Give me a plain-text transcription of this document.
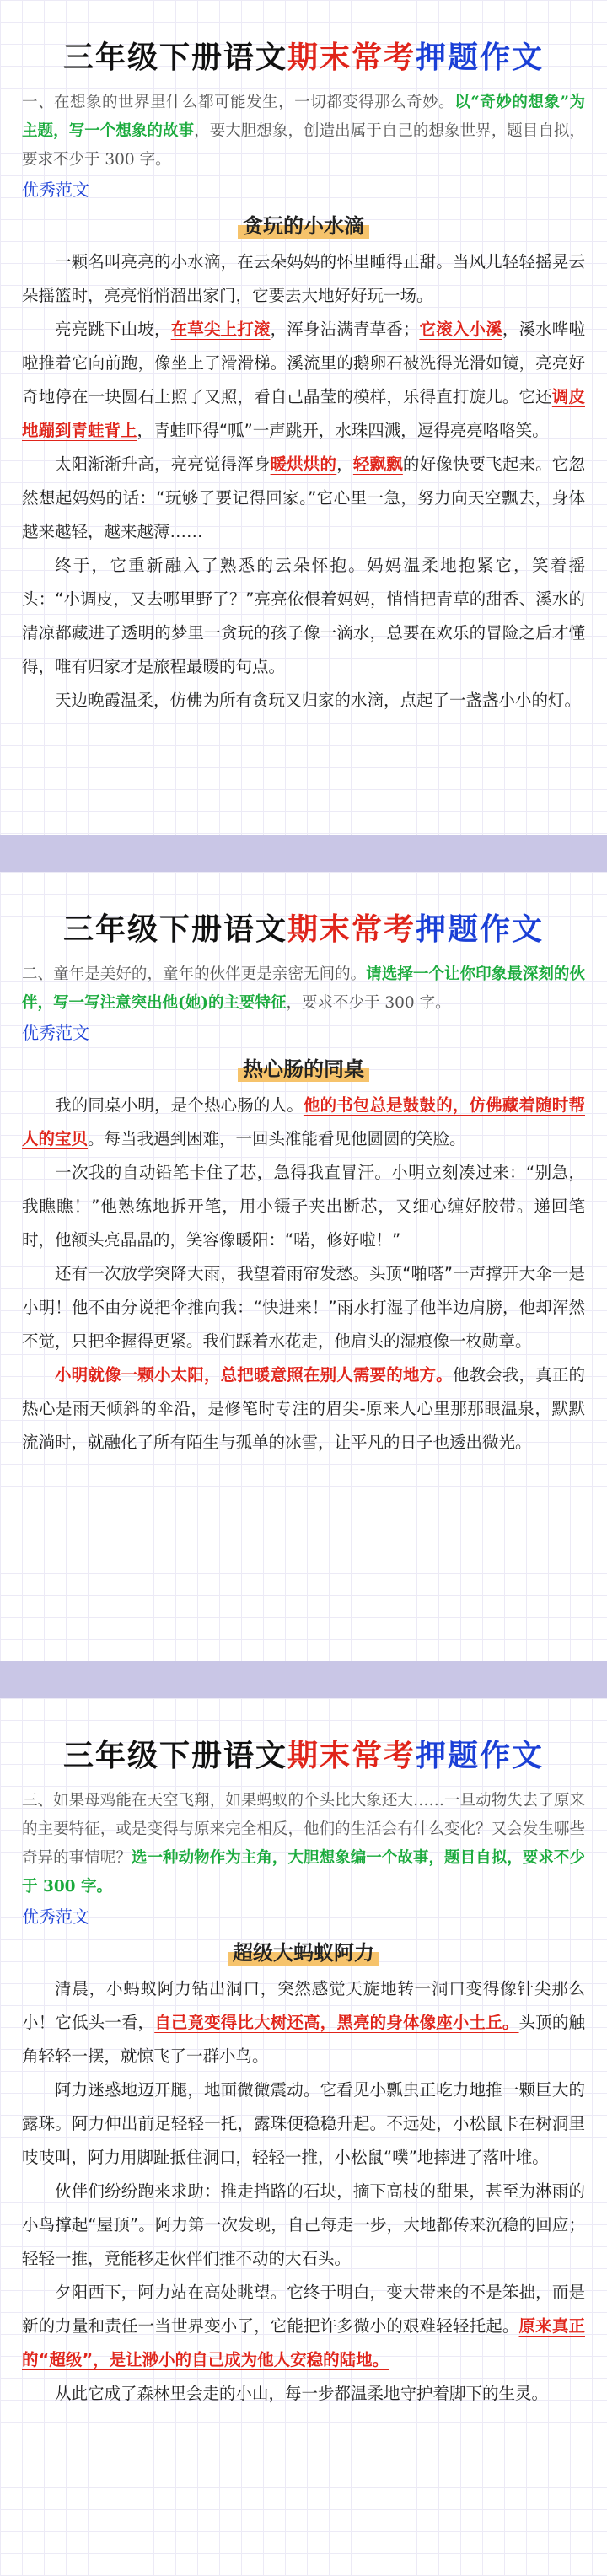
三年级下册语文期末常考押题作文

一、在想象的世界里什么都可能发生，一切都变得那么奇妙。以“奇妙的想象”为主题，写一个想象的故事，要大胆想象，创造出属于自己的想象世界，题目自拟，要求不少于 300 字。

优秀范文
贪玩的小水滴

一颗名叫亮亮的小水滴，在云朵妈妈的怀里睡得正甜。当风儿轻轻摇晃云朵摇篮时，亮亮悄悄溜出家门，它要去大地好好玩一场。

亮亮跳下山坡，在草尖上打滚，浑身沾满青草香；它滚入小溪，溪水哗啦啦推着它向前跑，像坐上了滑滑梯。溪流里的鹅卵石被洗得光滑如镜，亮亮好奇地停在一块圆石上照了又照，看自己晶莹的模样，乐得直打旋儿。它还调皮地蹦到青蛙背上，青蛙吓得“呱”一声跳开，水珠四溅，逗得亮亮咯咯笑。

太阳渐渐升高，亮亮觉得浑身暖烘烘的，轻飘飘的好像快要飞起来。它忽然想起妈妈的话：“玩够了要记得回家。”它心里一急，努力向天空飘去，身体越来越轻，越来越薄……

终于，它重新融入了熟悉的云朵怀抱。妈妈温柔地抱紧它，笑着摇头：“小调皮，又去哪里野了？”亮亮依偎着妈妈，悄悄把青草的甜香、溪水的清凉都藏进了透明的梦里一贪玩的孩子像一滴水，总要在欢乐的冒险之后才懂得，唯有归家才是旅程最暖的句点。

天边晚霞温柔，仿佛为所有贪玩又归家的水滴，点起了一盏盏小小的灯。

三年级下册语文期末常考押题作文

二、童年是美好的，童年的伙伴更是亲密无间的。请选择一个让你印象最深刻的伙伴，写一写注意突出他(她)的主要特征，要求不少于 300 字。

优秀范文
热心肠的同桌

我的同桌小明，是个热心肠的人。他的书包总是鼓鼓的，仿佛藏着随时帮人的宝贝。每当我遇到困难，一回头准能看见他圆圆的笑脸。

一次我的自动铅笔卡住了芯，急得我直冒汗。小明立刻凑过来：“别急，我瞧瞧！”他熟练地拆开笔，用小镊子夹出断芯，又细心缠好胶带。递回笔时，他额头亮晶晶的，笑容像暖阳：“喏，修好啦！”

还有一次放学突降大雨，我望着雨帘发愁。头顶“啪嗒”一声撑开大伞一是小明！他不由分说把伞推向我：“快进来！”雨水打湿了他半边肩膀，他却浑然不觉，只把伞握得更紧。我们踩着水花走，他肩头的湿痕像一枚勋章。

小明就像一颗小太阳，总把暖意照在别人需要的地方。他教会我，真正的热心是雨天倾斜的伞沿，是修笔时专注的眉尖-原来人心里那那眼温泉，默默流淌时，就融化了所有陌生与孤单的冰雪，让平凡的日子也透出微光。

三年级下册语文期末常考押题作文

三、如果母鸡能在天空飞翔，如果蚂蚁的个头比大象还大……一旦动物失去了原来的主要特征，或是变得与原来完全相反，他们的生活会有什么变化？又会发生哪些奇异的事情呢？选一种动物作为主角，大胆想象编一个故事，题目自拟，要求不少于 300 字。

优秀范文
超级大蚂蚁阿力

清晨，小蚂蚁阿力钻出洞口，突然感觉天旋地转一洞口变得像针尖那么小！它低头一看，自己竟变得比大树还高，黑亮的身体像座小土丘。头顶的触角轻轻一摆，就惊飞了一群小鸟。

阿力迷惑地迈开腿，地面微微震动。它看见小瓢虫正吃力地推一颗巨大的露珠。阿力伸出前足轻轻一托，露珠便稳稳升起。不远处，小松鼠卡在树洞里吱吱叫，阿力用脚趾抵住洞口，轻轻一推，小松鼠“噗”地摔进了落叶堆。

伙伴们纷纷跑来求助：推走挡路的石块，摘下高枝的甜果，甚至为淋雨的小鸟撑起“屋顶”。阿力第一次发现，自己每走一步，大地都传来沉稳的回应；轻轻一推，竟能移走伙伴们推不动的大石头。

夕阳西下，阿力站在高处眺望。它终于明白，变大带来的不是笨拙，而是新的力量和责任一当世界变小了，它能把许多微小的艰难轻轻托起。原来真正的“超级”，是让渺小的自己成为他人安稳的陆地。

从此它成了森林里会走的小山，每一步都温柔地守护着脚下的生灵。
